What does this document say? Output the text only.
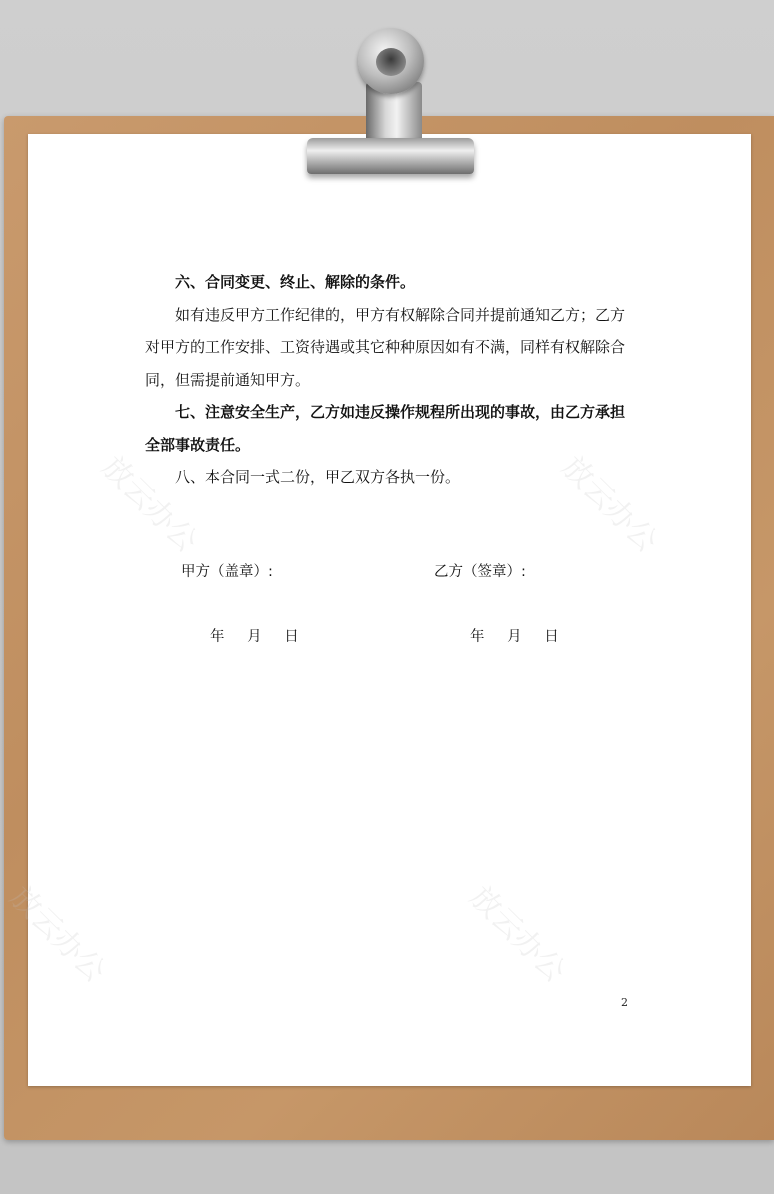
放云办公	放云办公
放云办公	放云办公

六、合同变更、终止、解除的条件。

如有违反甲方工作纪律的，甲方有权解除合同并提前通知乙方；乙方对甲方的工作安排、工资待遇或其它种种原因如有不满，同样有权解除合同，但需提前通知甲方。

七、注意安全生产，乙方如违反操作规程所出现的事故，由乙方承担全部事故责任。

八、本合同一式二份，甲乙双方各执一份。

甲方（盖章）:	乙方（签章）:
年 月 日	年 月 日
2
